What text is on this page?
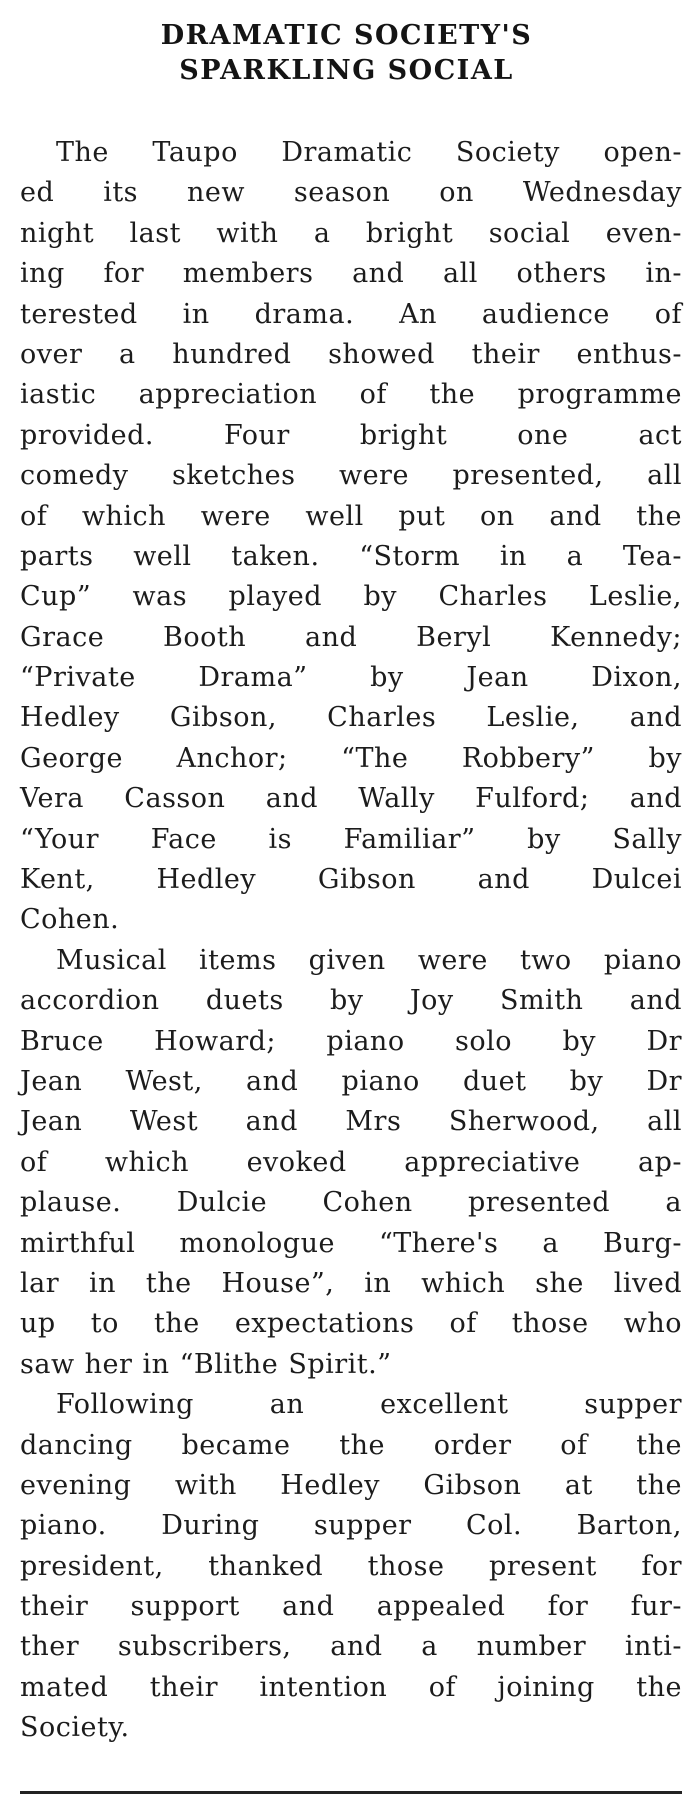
DRAMATIC SOCIETY'S
SPARKLING SOCIAL
The Taupo Dramatic Society open-
ed its new season on Wednesday
night last with a bright social even-
ing for members and all others in-
terested in drama. An audience of
over a hundred showed their enthus-
iastic appreciation of the programme
provided. Four bright one act
comedy sketches were presented, all
of which were well put on and the
parts well taken. “Storm in a Tea-
Cup” was played by Charles Leslie,
Grace Booth and Beryl Kennedy;
“Private Drama” by Jean Dixon,
Hedley Gibson, Charles Leslie, and
George Anchor; “The Robbery” by
Vera Casson and Wally Fulford; and
“Your Face is Familiar” by Sally
Kent, Hedley Gibson and Dulcei
Cohen.
Musical items given were two piano
accordion duets by Joy Smith and
Bruce Howard; piano solo by Dr
Jean West, and piano duet by Dr
Jean West and Mrs Sherwood, all
of which evoked appreciative ap-
plause. Dulcie Cohen presented a
mirthful monologue “There's a Burg-
lar in the House”, in which she lived
up to the expectations of those who
saw her in “Blithe Spirit.”
Following an excellent supper
dancing became the order of the
evening with Hedley Gibson at the
piano. During supper Col. Barton,
president, thanked those present for
their support and appealed for fur-
ther subscribers, and a number inti-
mated their intention of joining the
Society.
